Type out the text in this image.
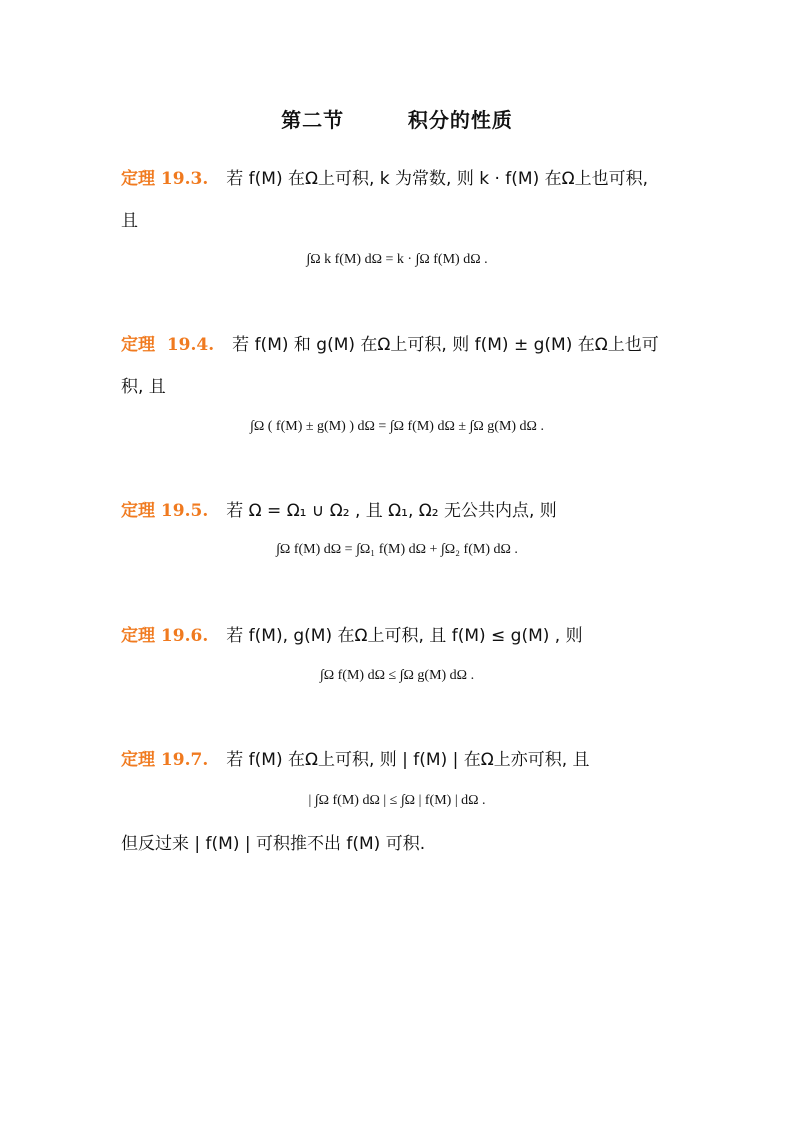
第二节        积分的性质
定理 19.3. 若 f(M) 在Ω上可积, k 为常数, 则 k · f(M) 在Ω上也可积,
且
∫Ω k f(M) dΩ = k · ∫Ω f(M) dΩ .
定理  19.4. 若 f(M) 和 g(M) 在Ω上可积, 则 f(M) ± g(M) 在Ω上也可
积, 且
∫Ω ( f(M) ± g(M) ) dΩ = ∫Ω f(M) dΩ ± ∫Ω g(M) dΩ .
定理 19.5. 若 Ω = Ω₁ ∪ Ω₂ , 且 Ω₁, Ω₂ 无公共内点, 则
∫Ω f(M) dΩ = ∫Ω₁ f(M) dΩ + ∫Ω₂ f(M) dΩ .
定理 19.6. 若 f(M), g(M) 在Ω上可积, 且 f(M) ≤ g(M) , 则
∫Ω f(M) dΩ ≤ ∫Ω g(M) dΩ .
定理 19.7. 若 f(M) 在Ω上可积, 则 | f(M) | 在Ω上亦可积, 且
| ∫Ω f(M) dΩ | ≤ ∫Ω | f(M) | dΩ .
但反过来 | f(M) | 可积推不出 f(M) 可积.
